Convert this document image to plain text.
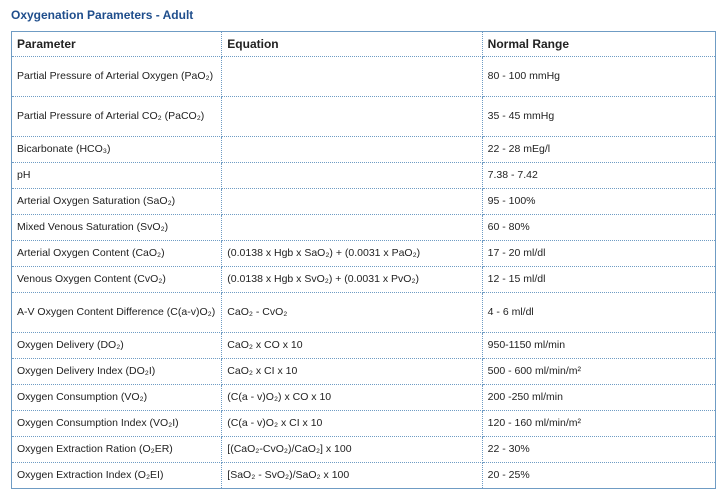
Oxygenation Parameters - Adult
Parameter	Equation	Normal Range
Partial Pressure of Arterial Oxygen (PaO₂)		80 - 100 mmHg
Partial Pressure of Arterial CO₂ (PaCO₂)		35 - 45 mmHg
Bicarbonate (HCO₃)		22 - 28 mEg/l
pH		7.38 - 7.42
Arterial Oxygen Saturation (SaO₂)		95 - 100%
Mixed Venous Saturation (SvO₂)		60 - 80%
Arterial Oxygen Content (CaO₂)	(0.0138 x Hgb x SaO₂) + (0.0031 x PaO₂)	17 - 20 ml/dl
Venous Oxygen Content (CvO₂)	(0.0138 x Hgb x SvO₂) + (0.0031 x PvO₂)	12 - 15 ml/dl
A-V Oxygen Content Difference (C(a-v)O₂)	CaO₂ - CvO₂	4 - 6 ml/dl
Oxygen Delivery (DO₂)	CaO₂ x CO x 10	950-1150 ml/min
Oxygen Delivery Index (DO₂I)	CaO₂ x CI x 10	500 - 600 ml/min/m²
Oxygen Consumption (VO₂)	(C(a - v)O₂) x CO x 10	200 -250 ml/min
Oxygen Consumption Index (VO₂I)	(C(a - v)O₂ x CI x 10	120 - 160 ml/min/m²
Oxygen Extraction Ration (O₂ER)	[(CaO₂-CvO₂)/CaO₂] x 100	22 - 30%
Oxygen Extraction Index (O₂EI)	[SaO₂ - SvO₂)/SaO₂ x 100	20 - 25%
